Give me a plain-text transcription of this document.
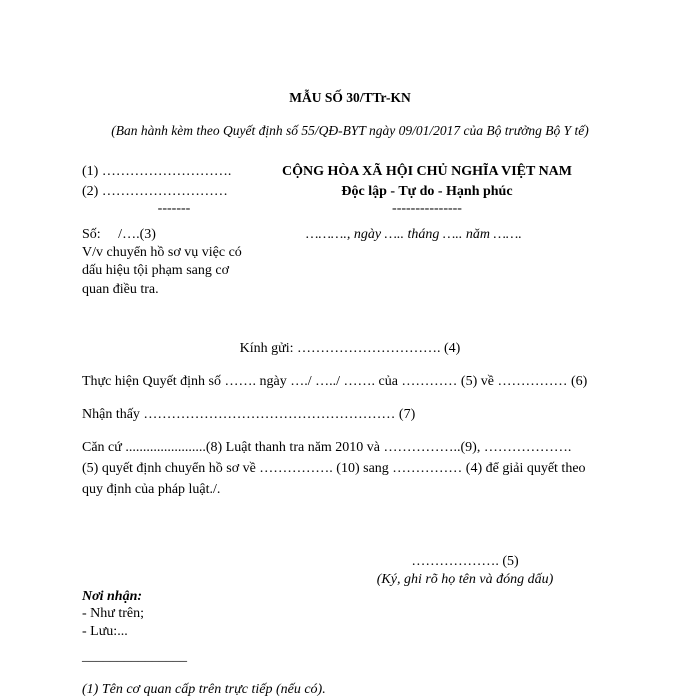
MẪU SỐ 30/TTr-KN
(Ban hành kèm theo Quyết định số 55/QĐ-BYT ngày 09/01/2017 của Bộ trưởng Bộ Y tế)
(1) ……………………….
(2) ………………………
-------
CỘNG HÒA XÃ HỘI CHỦ NGHĨA VIỆT NAM
Độc lập - Tự do - Hạnh phúc
---------------
Số:     /….(3)
V/v chuyển hồ sơ vụ việc có
dấu hiệu tội phạm sang cơ
quan điều tra.
………., ngày ….. tháng ….. năm …….
Kính gửi: …………………………. (4)
Thực hiện Quyết định số ……. ngày …./ …../ ……. của ………… (5) về …………… (6)
Nhận thấy ……………………………………………… (7)
Căn cứ .......................(8) Luật thanh tra năm 2010 và ……………..(9), ……………….
(5) quyết định chuyển hồ sơ về ……………. (10) sang …………… (4) để giải quyết theo
quy định của pháp luật./.
………………. (5)
(Ký, ghi rõ họ tên và đóng dấu)
Nơi nhận:
- Như trên;
- Lưu:...
_______________
(1) Tên cơ quan cấp trên trực tiếp (nếu có).
